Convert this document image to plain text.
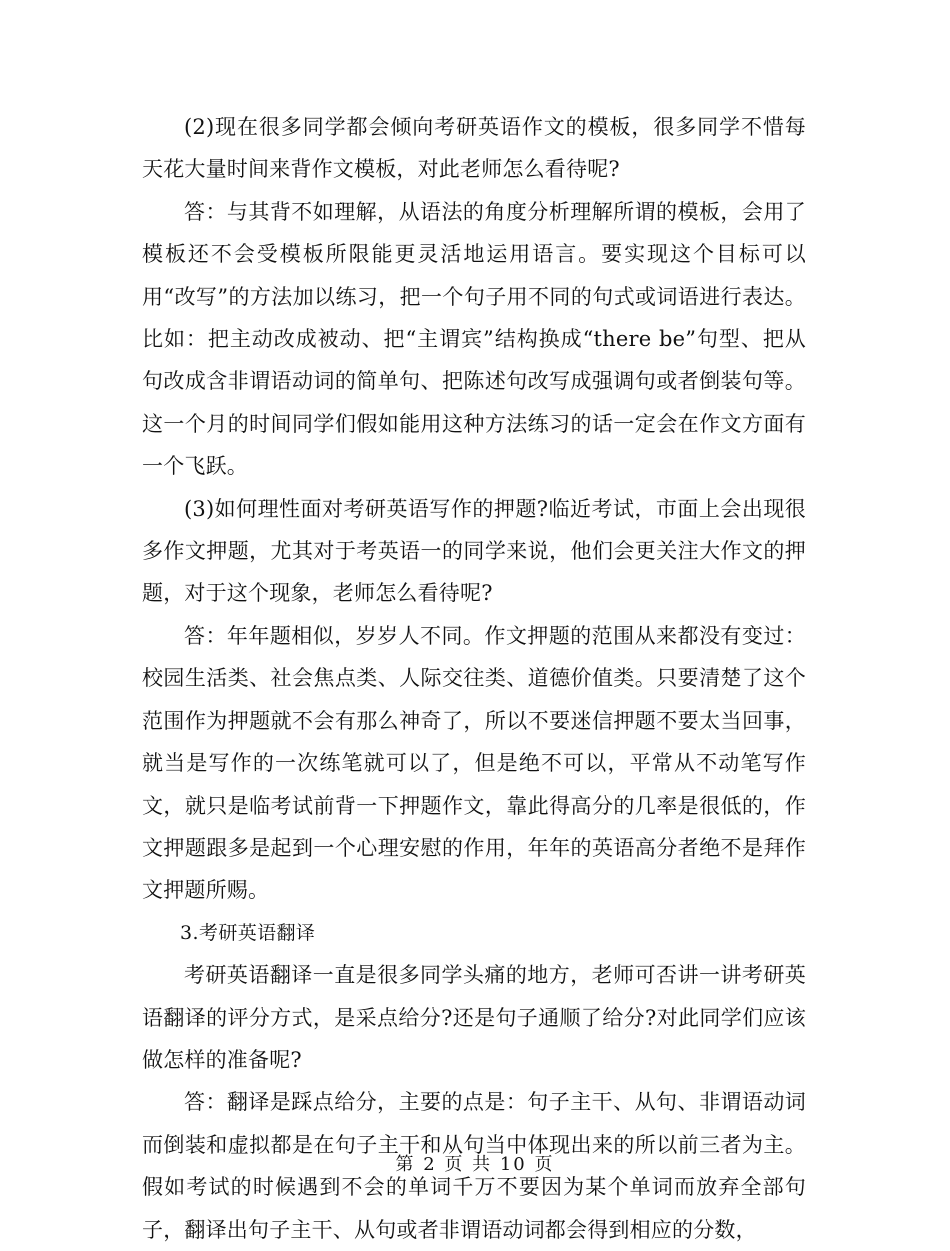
(2)现在很多同学都会倾向考研英语作文的模板，很多同学不惜每天花大量时间来背作文模板，对此老师怎么看待呢?

答：与其背不如理解，从语法的角度分析理解所谓的模板，会用了模板还不会受模板所限能更灵活地运用语言。要实现这个目标可以用“改写”的方法加以练习，把一个句子用不同的句式或词语进行表达。比如：把主动改成被动、把“主谓宾”结构换成“there be”句型、把从句改成含非谓语动词的简单句、把陈述句改写成强调句或者倒装句等。这一个月的时间同学们假如能用这种方法练习的话一定会在作文方面有一个飞跃。

(3)如何理性面对考研英语写作的押题?临近考试，市面上会出现很多作文押题，尤其对于考英语一的同学来说，他们会更关注大作文的押题，对于这个现象，老师怎么看待呢?

答：年年题相似，岁岁人不同。作文押题的范围从来都没有变过：校园生活类、社会焦点类、人际交往类、道德价值类。只要清楚了这个范围作为押题就不会有那么神奇了，所以不要迷信押题不要太当回事，就当是写作的一次练笔就可以了，但是绝不可以，平常从不动笔写作文，就只是临考试前背一下押题作文，靠此得高分的几率是很低的，作文押题跟多是起到一个心理安慰的作用，年年的英语高分者绝不是拜作文押题所赐。

3.考研英语翻译

考研英语翻译一直是很多同学头痛的地方，老师可否讲一讲考研英语翻译的评分方式，是采点给分?还是句子通顺了给分?对此同学们应该做怎样的准备呢?

答：翻译是踩点给分，主要的点是：句子主干、从句、非谓语动词而倒装和虚拟都是在句子主干和从句当中体现出来的所以前三者为主。假如考试的时候遇到不会的单词千万不要因为某个单词而放弃全部句子，翻译出句子主干、从句或者非谓语动词都会得到相应的分数，

第 2 页 共 10 页
